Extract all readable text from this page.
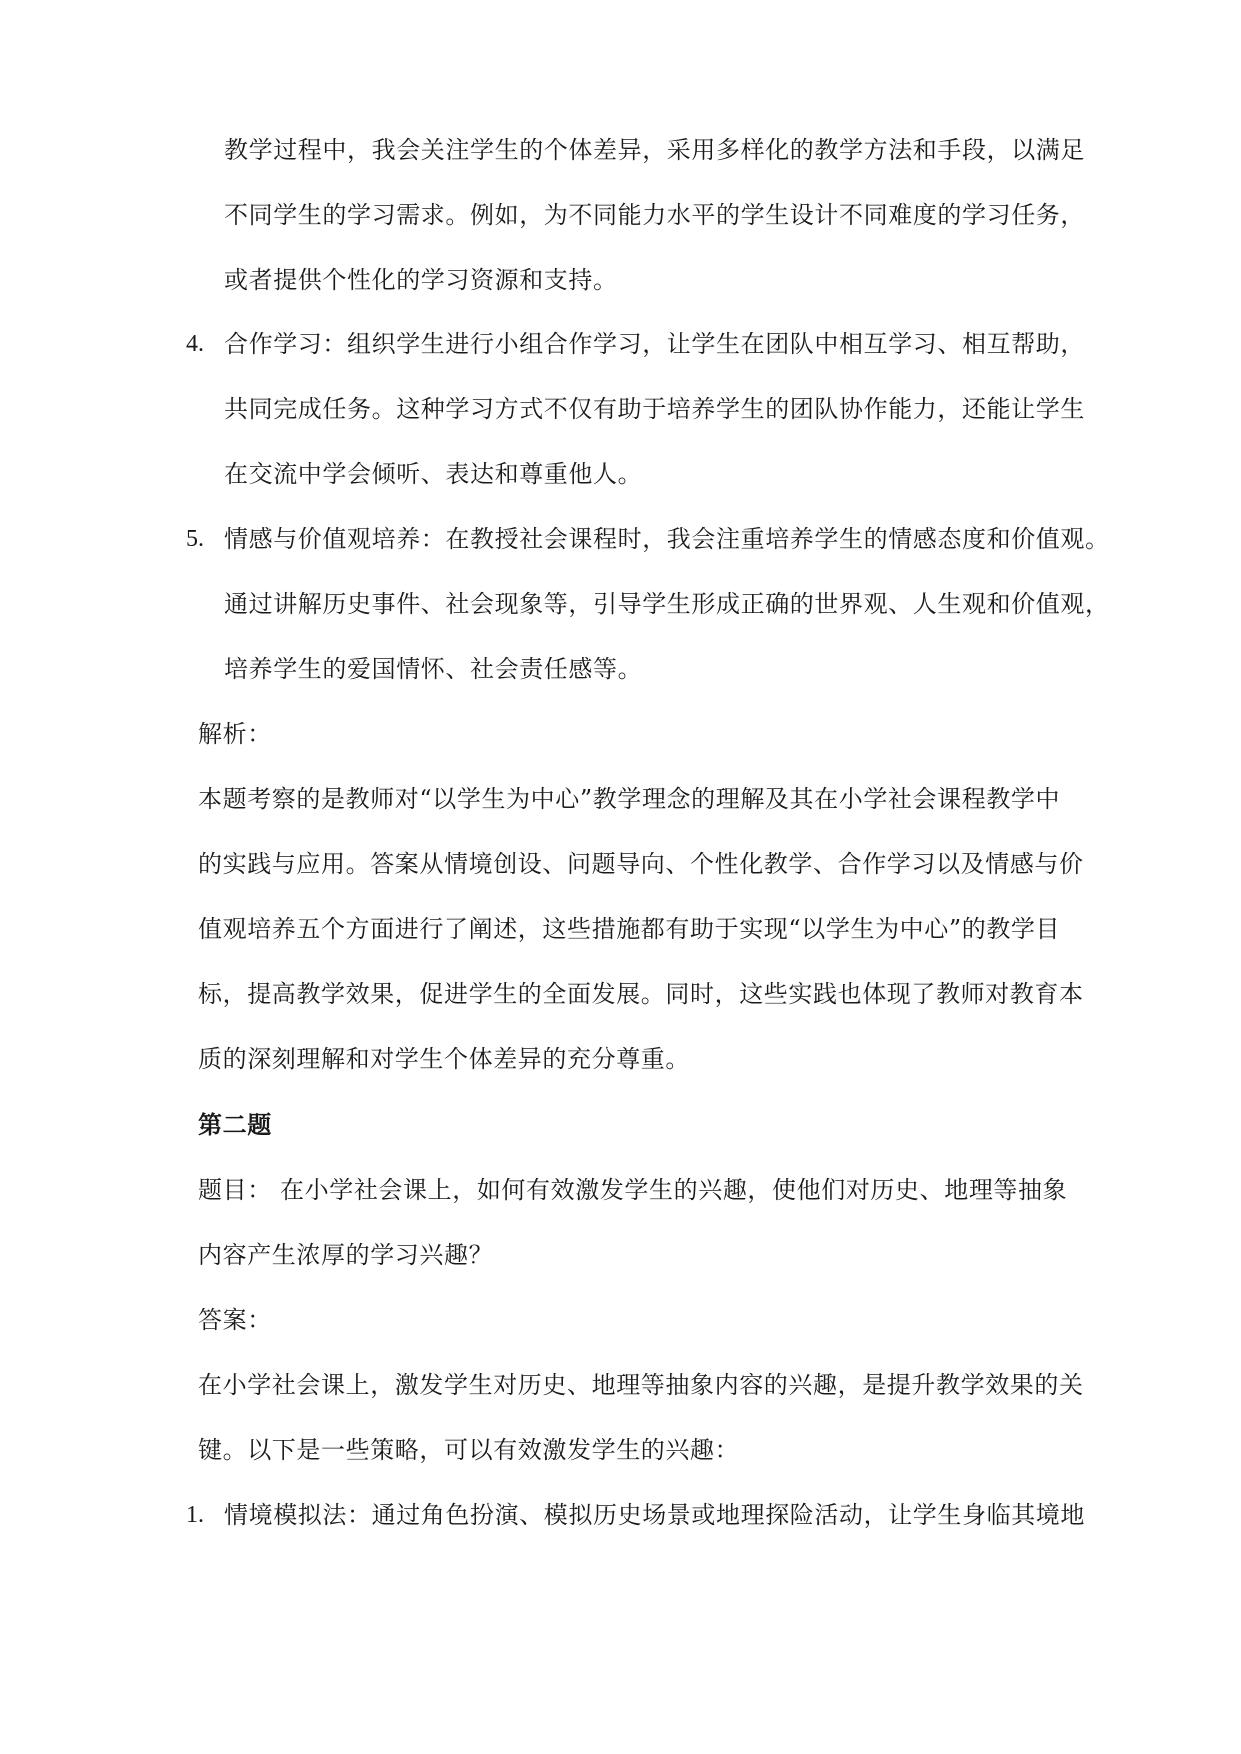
教学过程中，我会关注学生的个体差异，采用多样化的教学方法和手段，以满足
不同学生的学习需求。例如，为不同能力水平的学生设计不同难度的学习任务，
或者提供个性化的学习资源和支持。
4. 合作学习：组织学生进行小组合作学习，让学生在团队中相互学习、相互帮助，
共同完成任务。这种学习方式不仅有助于培养学生的团队协作能力，还能让学生
在交流中学会倾听、表达和尊重他人。
5. 情感与价值观培养：在教授社会课程时，我会注重培养学生的情感态度和价值观。
通过讲解历史事件、社会现象等，引导学生形成正确的世界观、人生观和价值观，
培养学生的爱国情怀、社会责任感等。
解析：
本题考察的是教师对“以学生为中心”教学理念的理解及其在小学社会课程教学中
的实践与应用。答案从情境创设、问题导向、个性化教学、合作学习以及情感与价
值观培养五个方面进行了阐述，这些措施都有助于实现“以学生为中心”的教学目
标，提高教学效果，促进学生的全面发展。同时，这些实践也体现了教师对教育本
质的深刻理解和对学生个体差异的充分尊重。
第二题
题目： 在小学社会课上，如何有效激发学生的兴趣，使他们对历史、地理等抽象
内容产生浓厚的学习兴趣？
答案：
在小学社会课上，激发学生对历史、地理等抽象内容的兴趣，是提升教学效果的关
键。以下是一些策略，可以有效激发学生的兴趣：
1. 情境模拟法：通过角色扮演、模拟历史场景或地理探险活动，让学生身临其境地
